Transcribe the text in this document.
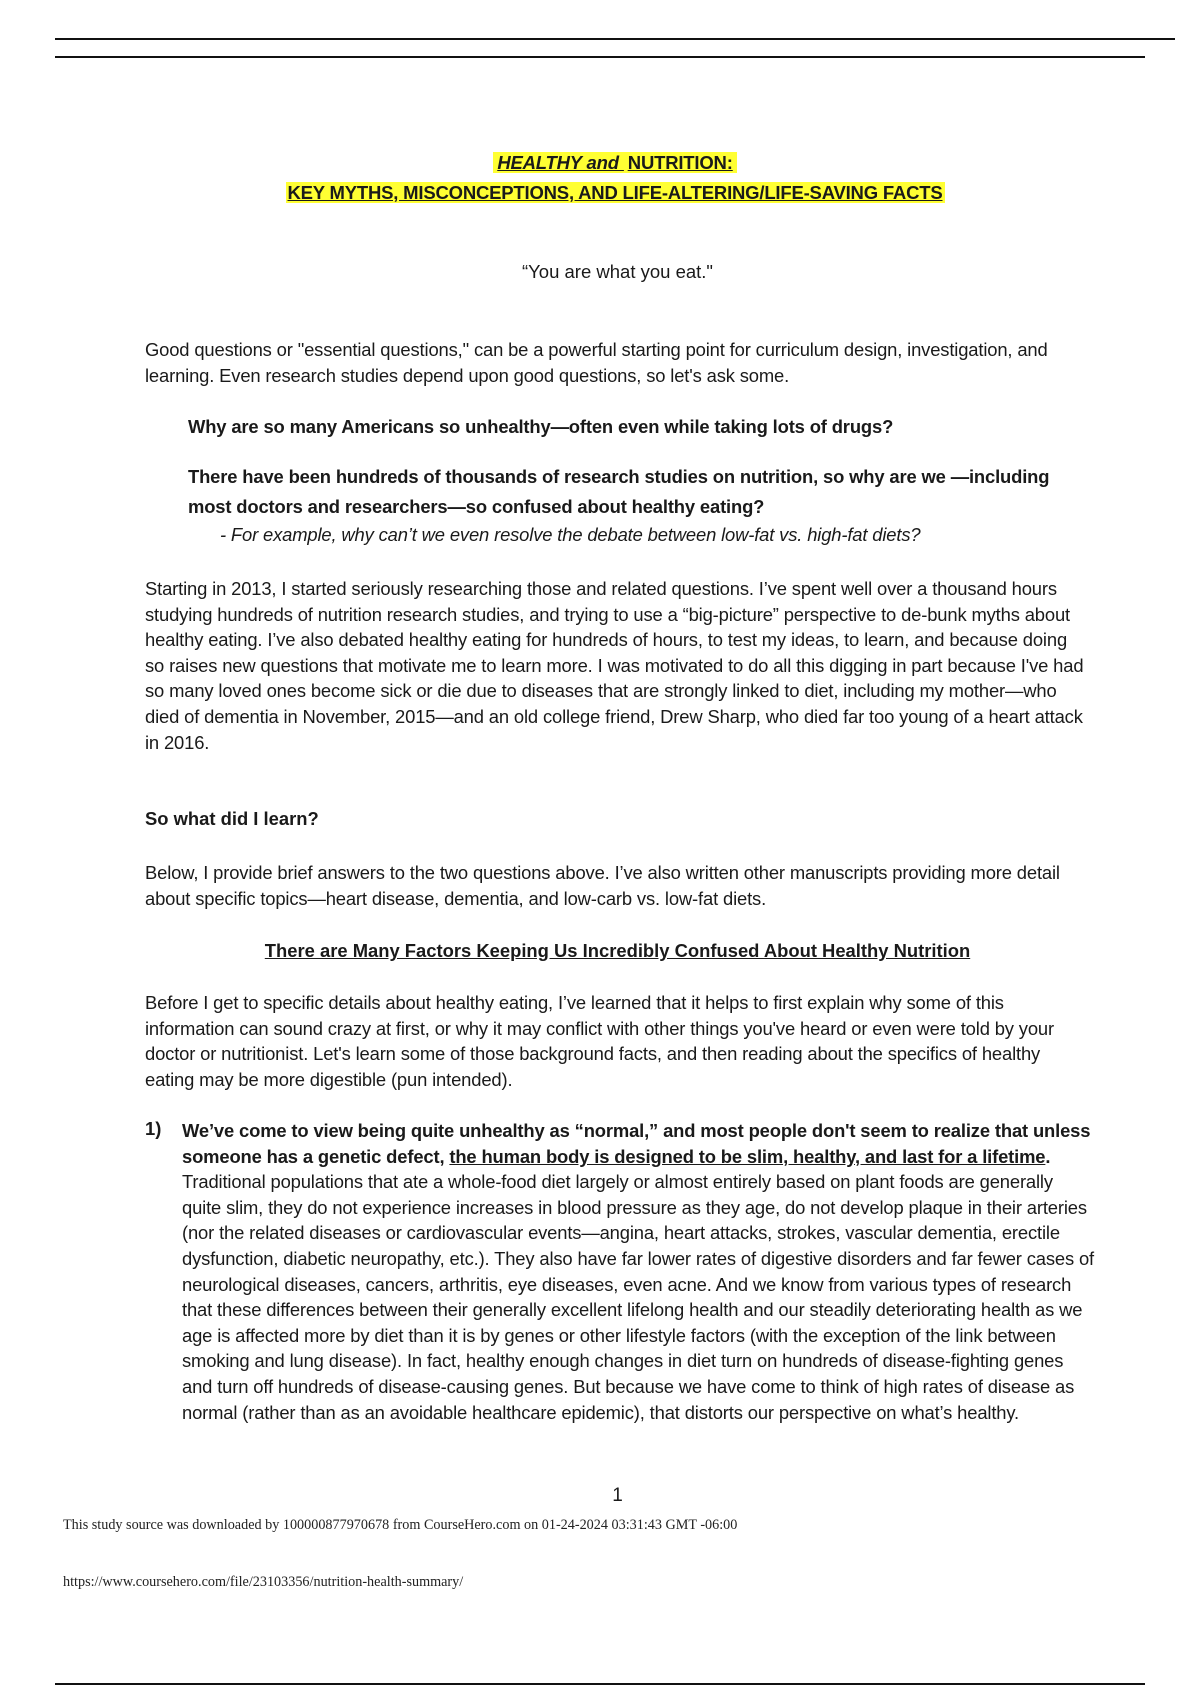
HEALTHY and NUTRITION:
KEY MYTHS, MISCONCEPTIONS, AND LIFE-ALTERING/LIFE-SAVING FACTS
“You are what you eat."
Good questions or "essential questions," can be a powerful starting point for curriculum design, investigation, and learning. Even research studies depend upon good questions, so let's ask some.
Why are so many Americans so unhealthy—often even while taking lots of drugs?
There have been hundreds of thousands of research studies on nutrition, so why are we —including most doctors and researchers—so confused about healthy eating?
- For example, why can’t we even resolve the debate between low-fat vs. high-fat diets?
Starting in 2013, I started seriously researching those and related questions. I’ve spent well over a thousand hours studying hundreds of nutrition research studies, and trying to use a “big-picture” perspective to de-bunk myths about healthy eating. I’ve also debated healthy eating for hundreds of hours, to test my ideas, to learn, and because doing so raises new questions that motivate me to learn more. I was motivated to do all this digging in part because I've had so many loved ones become sick or die due to diseases that are strongly linked to diet, including my mother—who died of dementia in November, 2015—and an old college friend, Drew Sharp, who died far too young of a heart attack in 2016.
So what did I learn?
Below, I provide brief answers to the two questions above. I’ve also written other manuscripts providing more detail about specific topics—heart disease, dementia, and low-carb vs. low-fat diets.
There are Many Factors Keeping Us Incredibly Confused About Healthy Nutrition
Before I get to specific details about healthy eating, I’ve learned that it helps to first explain why some of this information can sound crazy at first, or why it may conflict with other things you've heard or even were told by your doctor or nutritionist. Let's learn some of those background facts, and then reading about the specifics of healthy eating may be more digestible (pun intended).
1) We’ve come to view being quite unhealthy as “normal,” and most people don't seem to realize that unless someone has a genetic defect, the human body is designed to be slim, healthy, and last for a lifetime. Traditional populations that ate a whole-food diet largely or almost entirely based on plant foods are generally quite slim, they do not experience increases in blood pressure as they age, do not develop plaque in their arteries (nor the related diseases or cardiovascular events—angina, heart attacks, strokes, vascular dementia, erectile dysfunction, diabetic neuropathy, etc.). They also have far lower rates of digestive disorders and far fewer cases of neurological diseases, cancers, arthritis, eye diseases, even acne. And we know from various types of research that these differences between their generally excellent lifelong health and our steadily deteriorating health as we age is affected more by diet than it is by genes or other lifestyle factors (with the exception of the link between smoking and lung disease). In fact, healthy enough changes in diet turn on hundreds of disease-fighting genes and turn off hundreds of disease-causing genes. But because we have come to think of high rates of disease as normal (rather than as an avoidable healthcare epidemic), that distorts our perspective on what’s healthy.
1
This study source was downloaded by 100000877970678 from CourseHero.com on 01-24-2024 03:31:43 GMT -06:00
https://www.coursehero.com/file/23103356/nutrition-health-summary/
